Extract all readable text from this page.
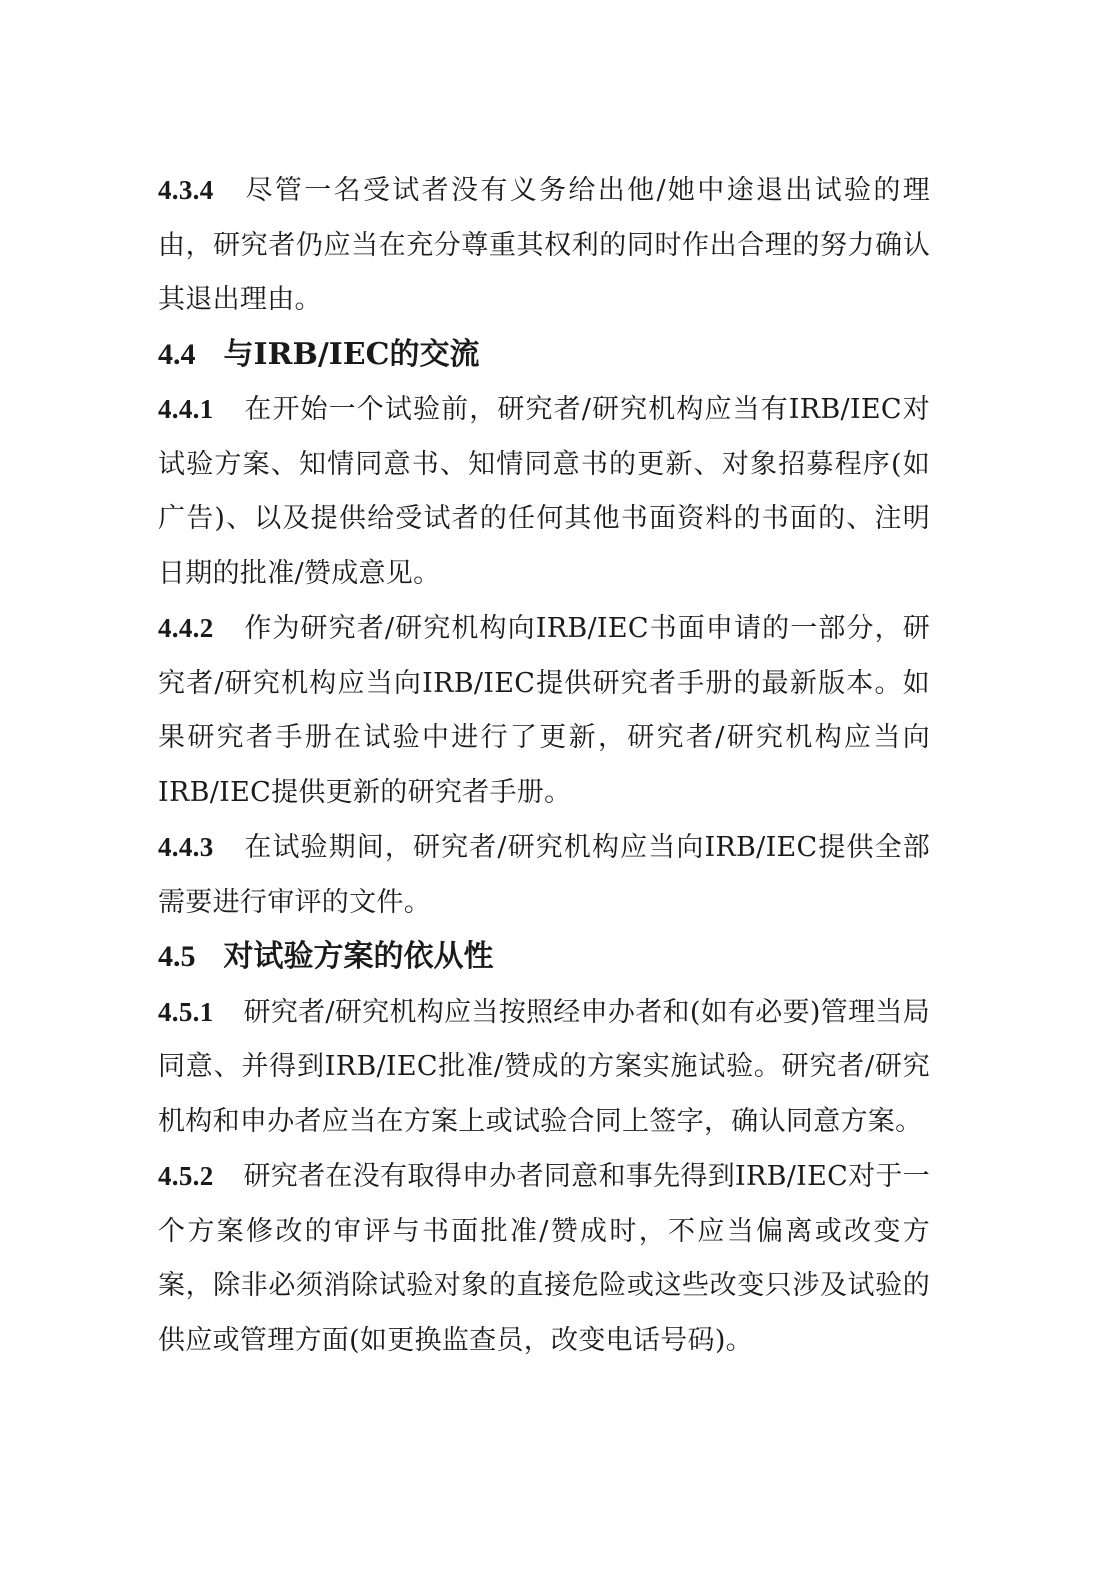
4.3.4 尽管一名受试者没有义务给出他/她中途退出试验的理由，研究者仍应当在充分尊重其权利的同时作出合理的努力确认其退出理由。

4.4 与IRB/IEC的交流

4.4.1 在开始一个试验前，研究者/研究机构应当有IRB/IEC对试验方案、知情同意书、知情同意书的更新、对象招募程序(如广告)、以及提供给受试者的任何其他书面资料的书面的、注明日期的批准/赞成意见。

4.4.2 作为研究者/研究机构向IRB/IEC书面申请的一部分，研究者/研究机构应当向IRB/IEC提供研究者手册的最新版本。如果研究者手册在试验中进行了更新，研究者/研究机构应当向IRB/IEC提供更新的研究者手册。

4.4.3 在试验期间，研究者/研究机构应当向IRB/IEC提供全部需要进行审评的文件。

4.5 对试验方案的依从性

4.5.1 研究者/研究机构应当按照经申办者和(如有必要)管理当局同意、并得到IRB/IEC批准/赞成的方案实施试验。研究者/研究机构和申办者应当在方案上或试验合同上签字，确认同意方案。

4.5.2 研究者在没有取得申办者同意和事先得到IRB/IEC对于一个方案修改的审评与书面批准/赞成时，不应当偏离或改变方案，除非必须消除试验对象的直接危险或这些改变只涉及试验的供应或管理方面(如更换监查员，改变电话号码)。
